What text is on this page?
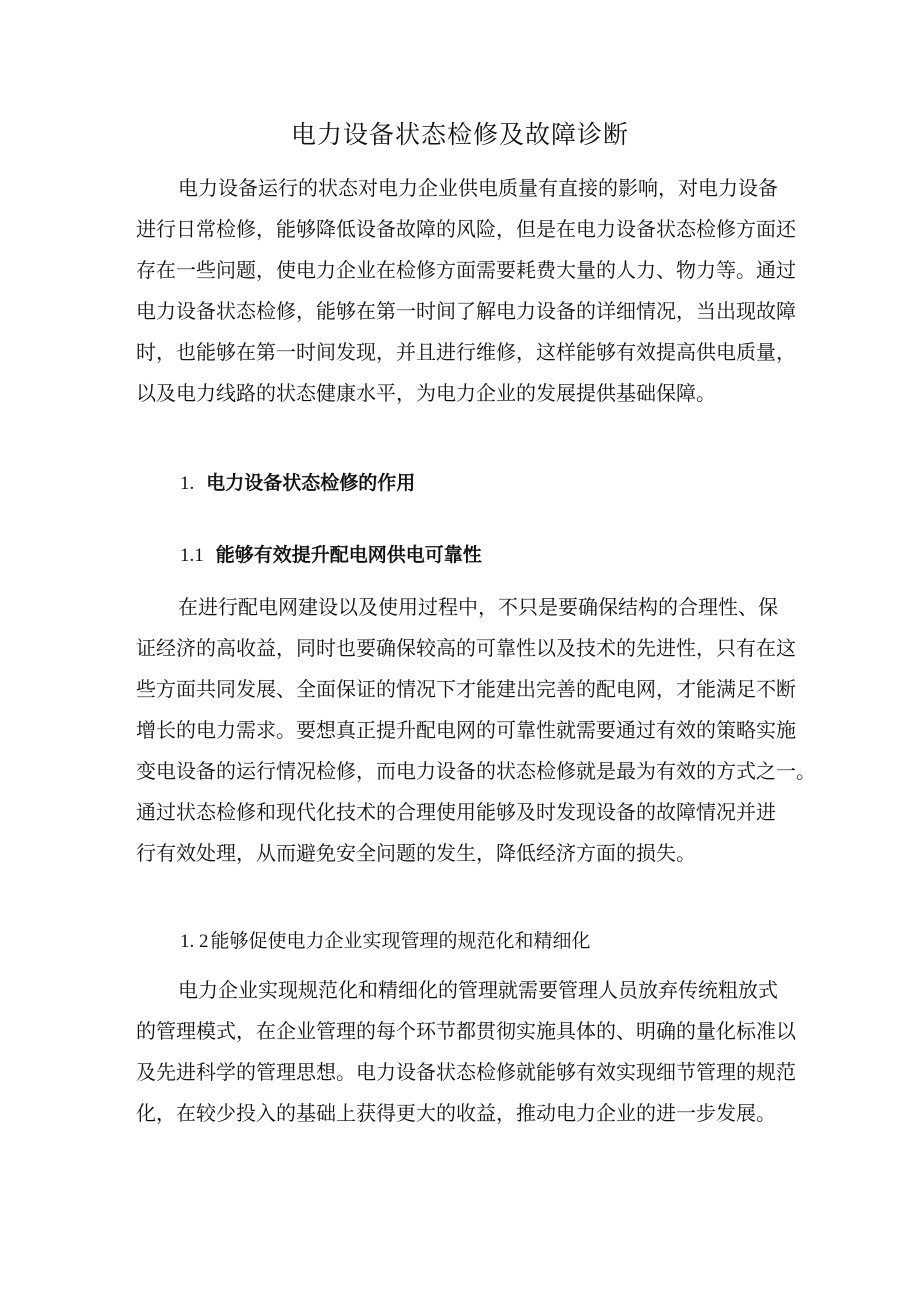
电力设备状态检修及故障诊断
电力设备运行的状态对电力企业供电质量有直接的影响，对电力设备
进行日常检修，能够降低设备故障的风险，但是在电力设备状态检修方面还
存在一些问题，使电力企业在检修方面需要耗费大量的人力、物力等。通过
电力设备状态检修，能够在第一时间了解电力设备的详细情况，当出现故障
时，也能够在第一时间发现，并且进行维修，这样能够有效提高供电质量，
以及电力线路的状态健康水平，为电力企业的发展提供基础保障。
1. 电力设备状态检修的作用
1.1 能够有效提升配电网供电可靠性
在进行配电网建设以及使用过程中，不只是要确保结构的合理性、保
证经济的高收益，同时也要确保较高的可靠性以及技术的先进性，只有在这
些方面共同发展、全面保证的情况下才能建出完善的配电网，才能满足不断
增长的电力需求。要想真正提升配电网的可靠性就需要通过有效的策略实施
变电设备的运行情况检修，而电力设备的状态检修就是最为有效的方式之一。
通过状态检修和现代化技术的合理使用能够及时发现设备的故障情况并进
行有效处理，从而避免安全问题的发生，降低经济方面的损失。
1. 2 能够促使电力企业实现管理的规范化和精细化
电力企业实现规范化和精细化的管理就需要管理人员放弃传统粗放式
的管理模式，在企业管理的每个环节都贯彻实施具体的、明确的量化标准以
及先进科学的管理思想。电力设备状态检修就能够有效实现细节管理的规范
化，在较少投入的基础上获得更大的收益，推动电力企业的进一步发展。
